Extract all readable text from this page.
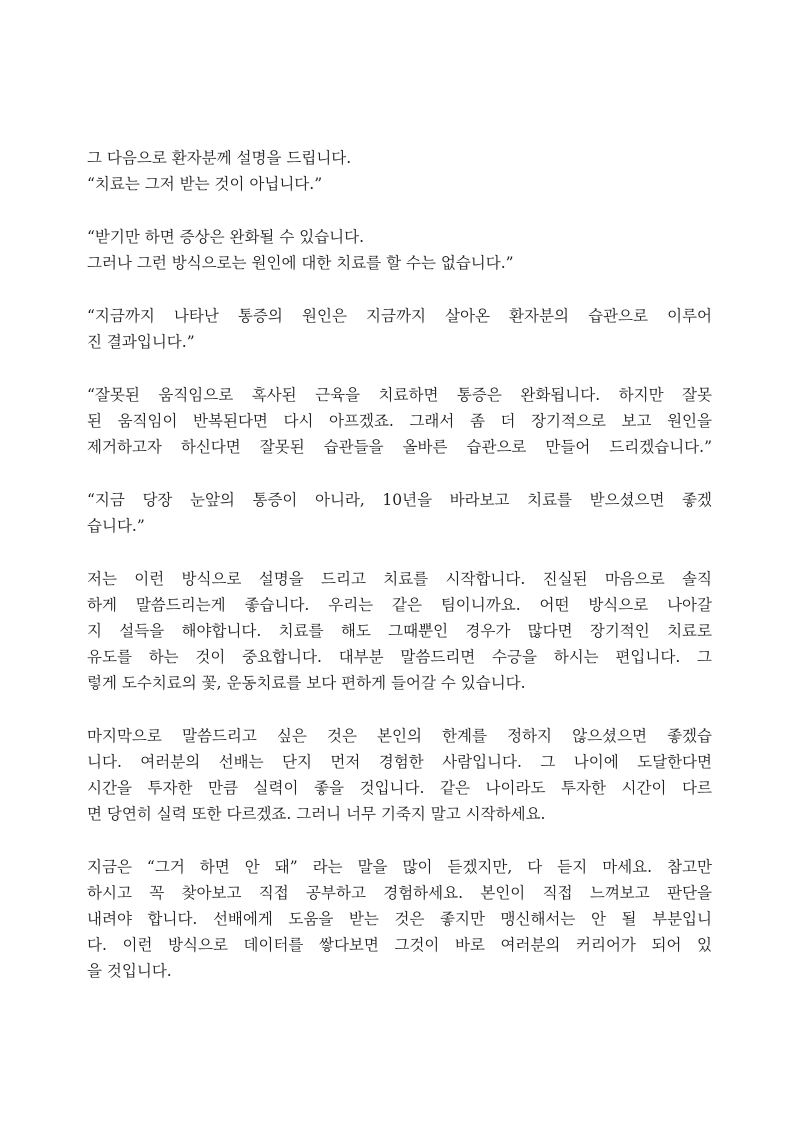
그 다음으로 환자분께 설명을 드립니다.
“치료는 그저 받는 것이 아닙니다.”
“받기만 하면 증상은 완화될 수 있습니다.
그러나 그런 방식으로는 원인에 대한 치료를 할 수는 없습니다.”
“지금까지 나타난 통증의 원인은 지금까지 살아온 환자분의 습관으로 이루어
진 결과입니다.”
“잘못된 움직임으로 혹사된 근육을 치료하면 통증은 완화됩니다. 하지만 잘못
된 움직임이 반복된다면 다시 아프겠죠. 그래서 좀 더 장기적으로 보고 원인을
제거하고자 하신다면 잘못된 습관들을 올바른 습관으로 만들어 드리겠습니다.”
“지금 당장 눈앞의 통증이 아니라, 10년을 바라보고 치료를 받으셨으면 좋겠
습니다.”
저는 이런 방식으로 설명을 드리고 치료를 시작합니다. 진실된 마음으로 솔직
하게 말씀드리는게 좋습니다. 우리는 같은 팀이니까요. 어떤 방식으로 나아갈
지 설득을 해야합니다. 치료를 해도 그때뿐인 경우가 많다면 장기적인 치료로
유도를 하는 것이 중요합니다. 대부분 말씀드리면 수긍을 하시는 편입니다. 그
렇게 도수치료의 꽃, 운동치료를 보다 편하게 들어갈 수 있습니다.
마지막으로 말씀드리고 싶은 것은 본인의 한계를 정하지 않으셨으면 좋겠습
니다. 여러분의 선배는 단지 먼저 경험한 사람입니다. 그 나이에 도달한다면
시간을 투자한 만큼 실력이 좋을 것입니다. 같은 나이라도 투자한 시간이 다르
면 당연히 실력 또한 다르겠죠. 그러니 너무 기죽지 말고 시작하세요.
지금은 “그거 하면 안 돼” 라는 말을 많이 듣겠지만, 다 듣지 마세요. 참고만
하시고 꼭 찾아보고 직접 공부하고 경험하세요. 본인이 직접 느껴보고 판단을
내려야 합니다. 선배에게 도움을 받는 것은 좋지만 맹신해서는 안 될 부분입니
다. 이런 방식으로 데이터를 쌓다보면 그것이 바로 여러분의 커리어가 되어 있
을 것입니다.
